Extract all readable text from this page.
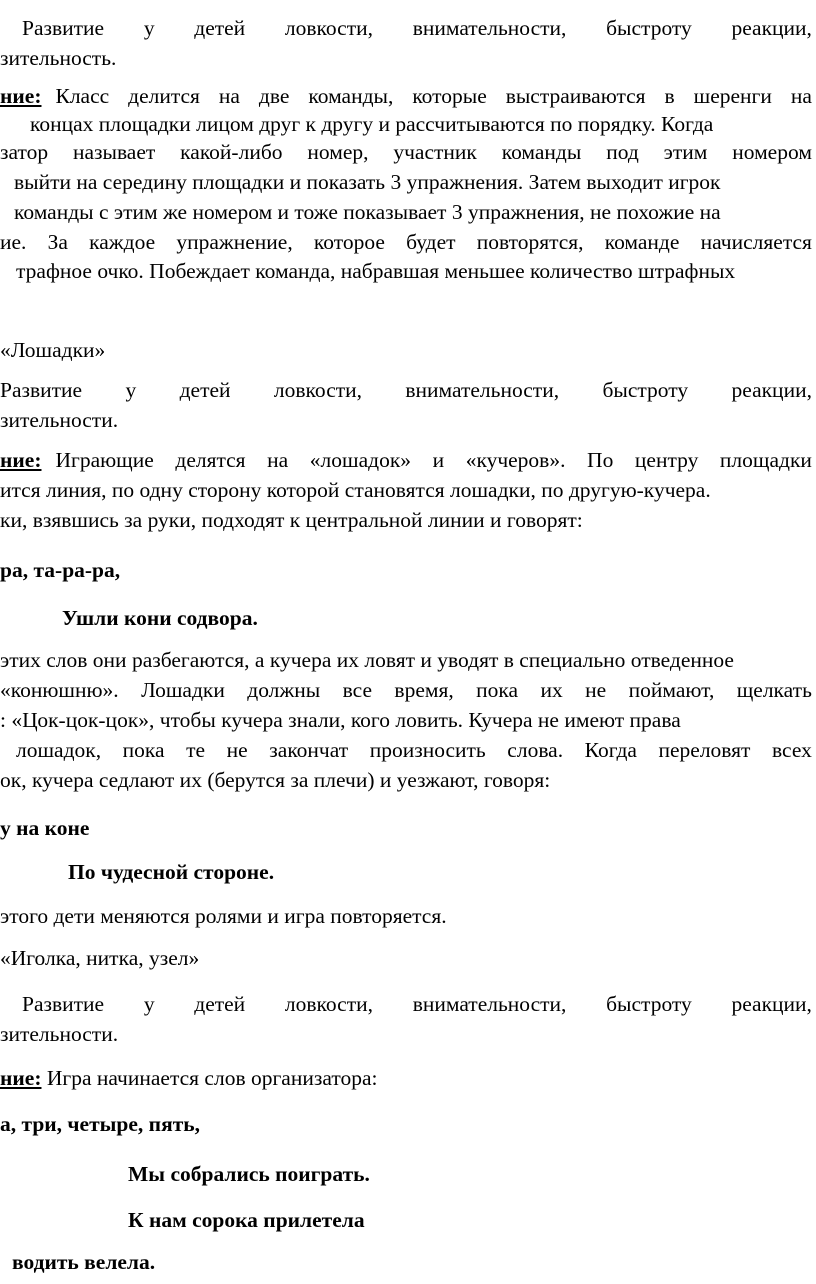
Развитие у детей ловкости, внимательности, быстроту реакции,
зительность.
ние: Класс делится на две команды, которые выстраиваются в шеренги на
концах площадки лицом друг к другу и рассчитываются по порядку. Когда
затор называет какой-либо номер, участник команды под этим номером
выйти на середину площадки и показать 3 упражнения. Затем выходит игрок
команды с этим же номером и тоже показывает 3 упражнения, не похожие на
ие. За каждое упражнение, которое будет повторятся, команде начисляется
трафное очко. Побеждает команда, набравшая меньшее количество штрафных
«Лошадки»
Развитие у детей ловкости, внимательности, быстроту реакции,
зительности.
ние: Играющие делятся на «лошадок» и «кучеров». По центру площадки
ится линия, по одну сторону которой становятся лошадки, по другую-кучера.
ки, взявшись за руки, подходят к центральной линии и говорят:
ра, та-ра-ра,
Ушли кони содвора.
этих слов они разбегаются, а кучера их ловят и уводят в специально отведенное
«конюшню». Лошадки должны все время, пока их не поймают, щелкать
: «Цок-цок-цок», чтобы кучера знали, кого ловить. Кучера не имеют права
лошадок, пока те не закончат произносить слова. Когда переловят всех
ок, кучера седлают их (берутся за плечи) и уезжают, говоря:
у на коне
По чудесной стороне.
этого дети меняются ролями и игра повторяется.
«Иголка, нитка, узел»
Развитие у детей ловкости, внимательности, быстроту реакции,
зительности.
ние: Игра начинается слов организатора:
а, три, четыре, пять,
Мы собрались поиграть.
К нам сорока прилетела
водить велела.
